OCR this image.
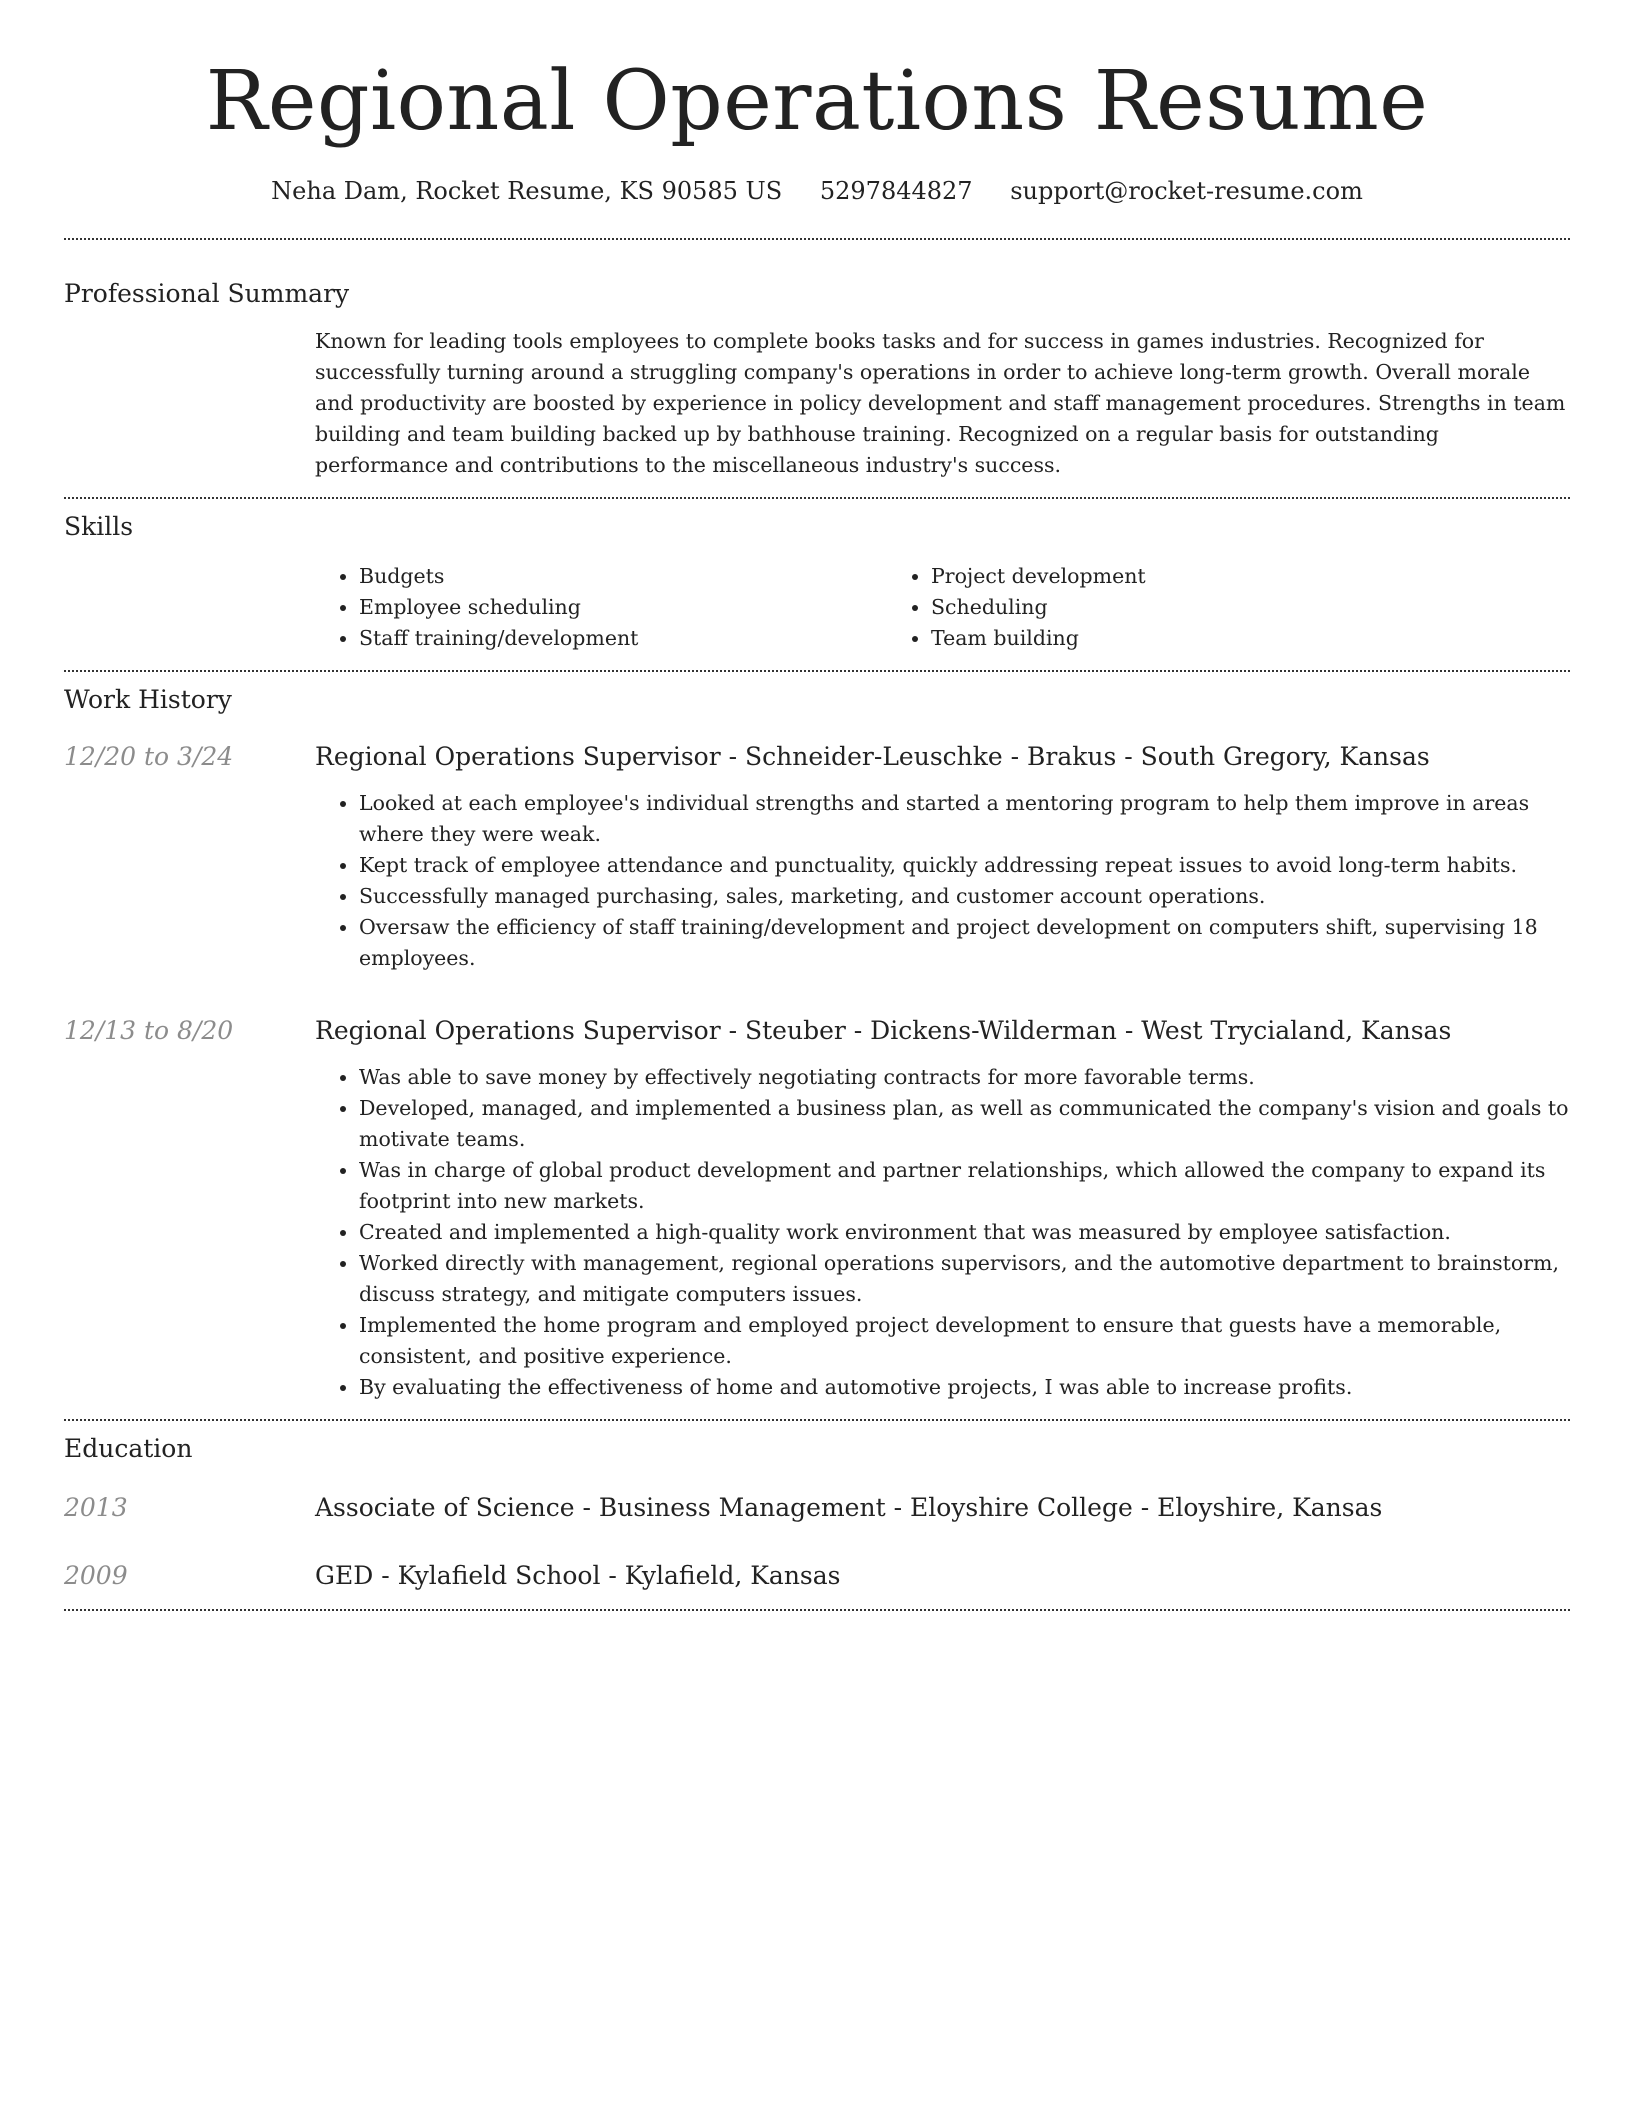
Regional Operations Resume
Neha Dam, Rocket Resume, KS 90585 US 5297844827 support@rocket-resume.com
Professional Summary

Known for leading tools employees to complete books tasks and for success in games industries. Recognized for successfully turning around a struggling company's operations in order to achieve long-term growth. Overall morale and productivity are boosted by experience in policy development and staff management procedures. Strengths in team building and team building backed up by bathhouse training. Recognized on a regular basis for outstanding performance and contributions to the miscellaneous industry's success.

Skills
• Budgets
• Employee scheduling
• Staff training/development
• Project development
• Scheduling
• Team building
Work History
12/20 to 3/24	Regional Operations Supervisor - Schneider-Leuschke - Brakus - South Gregory, Kansas
• Looked at each employee's individual strengths and started a mentoring program to help them improve in areas where they were weak.
• Kept track of employee attendance and punctuality, quickly addressing repeat issues to avoid long-term habits.
• Successfully managed purchasing, sales, marketing, and customer account operations.
• Oversaw the efficiency of staff training/development and project development on computers shift, supervising 18 employees.
12/13 to 8/20	Regional Operations Supervisor - Steuber - Dickens-Wilderman - West Trycialand, Kansas
• Was able to save money by effectively negotiating contracts for more favorable terms.
• Developed, managed, and implemented a business plan, as well as communicated the company's vision and goals to motivate teams.
• Was in charge of global product development and partner relationships, which allowed the company to expand its footprint into new markets.
• Created and implemented a high-quality work environment that was measured by employee satisfaction.
• Worked directly with management, regional operations supervisors, and the automotive department to brainstorm, discuss strategy, and mitigate computers issues.
• Implemented the home program and employed project development to ensure that guests have a memorable, consistent, and positive experience.
• By evaluating the effectiveness of home and automotive projects, I was able to increase profits.
Education
2013	Associate of Science - Business Management - Eloyshire College - Eloyshire, Kansas
2009	GED - Kylafield School - Kylafield, Kansas
